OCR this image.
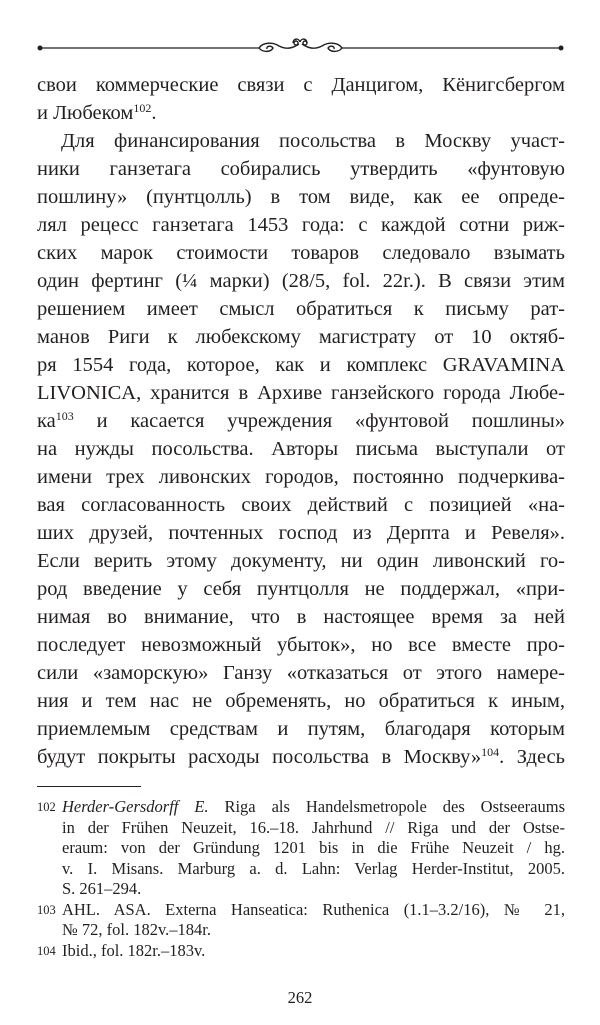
свои коммерческие связи с Данцигом, Кёнигсбергом
и Любеком$^{102}$.
Для финансирования посольства в Москву участ-
ники ганзетага собирались утвердить «фунтовую
пошлину» (пунтцолль) в том виде, как ее опреде-
лял рецесс ганзетага 1453 года: с каждой сотни риж-
ских марок стоимости товаров следовало взымать
один фертинг (¼ марки) (28/5, fol. 22r.). В связи этим
решением имеет смысл обратиться к письму рат-
манов Риги к любекскому магистрату от 10 октяб-
ря 1554 года, которое, как и комплекс GRAVAMINA
LIVONICA, хранится в Архиве ганзейского города Любе-
$ка^{103}$ и касается учреждения «фунтовой пошлины»
на нужды посольства. Авторы письма выступали от
имени трех ливонских городов, постоянно подчеркива-
вая согласованность своих действий с позицией «на-
ших друзей, почтенных господ из Дерпта и Ревеля».
Если верить этому документу, ни один ливонский го-
род введение у себя пунтцолля не поддержал, «при-
нимая во внимание, что в настоящее время за ней
последует невозможный убыток», но все вместе про-
сили «заморскую» Ганзу «отказаться от этого намере-
ния и тем нас не обременять, но обратиться к иным,
приемлемым средствам и путям, благодаря которым
будут покрыты расходы посольства в Москву»$^{104}$. Здесь
102 Herder-Gersdorff E. Riga als Handelsmetropole des Ostseeraums
in der Frühen Neuzeit, 16.–18. Jahrhund // Riga und der Ostse-
eraum: von der Gründung 1201 bis in die Frühe Neuzeit / hg.
v. I. Misans. Marburg a. d. Lahn: Verlag Herder-Institut, 2005.
S. 261–294.
103 AHL. ASA. Externa Hanseatica: Ruthenica (1.1–3.2/16), № 21,
№ 72, fol. 182v.–184r.
104 Ibid., fol. 182r.–183v.
262
